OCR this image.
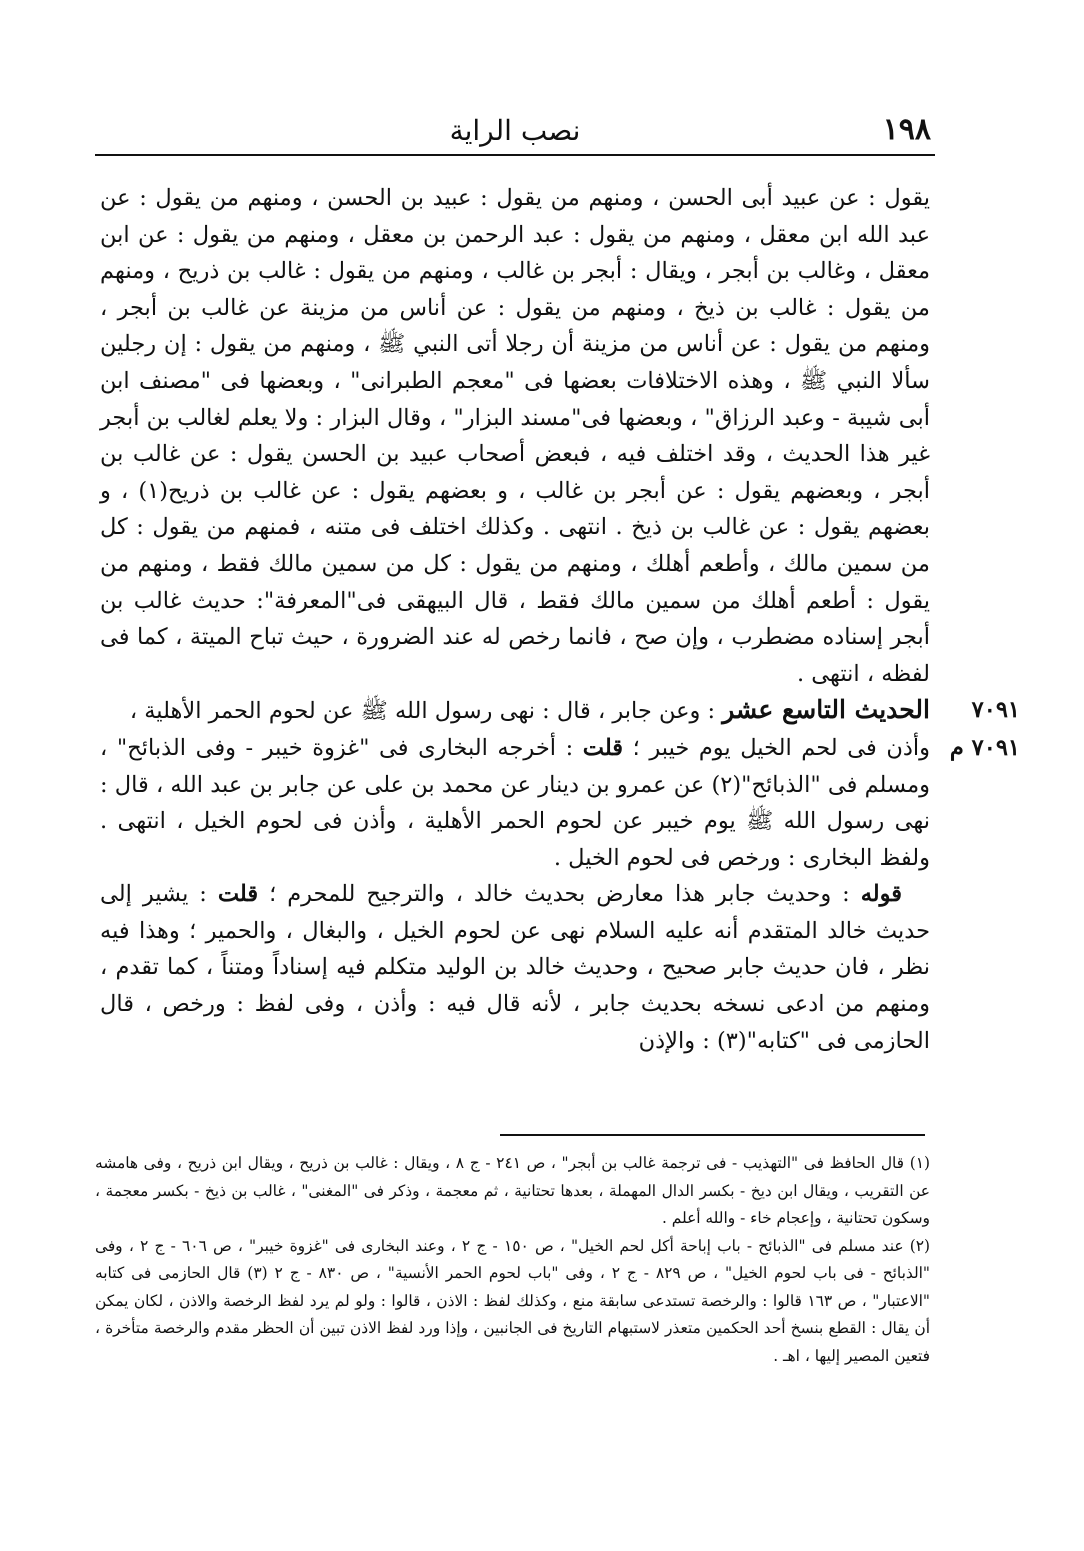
١٩٨
نصب الراية

يقول : عن عبيد أبى الحسن ، ومنهم من يقول : عبيد بن الحسن ، ومنهم من يقول : عن عبد الله ابن معقل ، ومنهم من يقول : عبد الرحمن بن معقل ، ومنهم من يقول : عن ابن معقل ، وغالب بن أبجر ، ويقال : أبجر بن غالب ، ومنهم من يقول : غالب بن ذريح ، ومنهم من يقول : غالب بن ذيخ ، ومنهم من يقول : عن أناس من مزينة عن غالب بن أبجر ، ومنهم من يقول : عن أناس من مزينة أن رجلا أتى النبي ﷺ ، ومنهم من يقول : إن رجلين سألا النبي ﷺ ، وهذه الاختلافات بعضها فى "معجم الطبرانى" ، وبعضها فى "مصنف ابن أبى شيبة - وعبد الرزاق" ، وبعضها فى"مسند البزار" ، وقال البزار : ولا يعلم لغالب بن أبجر غير هذا الحديث ، وقد اختلف فيه ، فبعض أصحاب عبيد بن الحسن يقول : عن غالب بن أبجر ، وبعضهم يقول : عن أبجر بن غالب ، و بعضهم يقول : عن غالب بن ذريح(١) ، و بعضهم يقول : عن غالب بن ذيخ . انتهى . وكذلك اختلف فى متنه ، فمنهم من يقول : كل من سمين مالك ، وأطعم أهلك ، ومنهم من يقول : كل من سمين مالك فقط ، ومنهم من يقول : أطعم أهلك من سمين مالك فقط ، قال البيهقى فى"المعرفة": حديث غالب بن أبجر إسناده مضطرب ، وإن صح ، فانما رخص له عند الضرورة ، حيث تباح الميتة ، كما فى لفظه ، انتهى .

٧٠٩١
الحديث التاسع عشر : وعن جابر ، قال : نهى رسول الله ﷺ عن لحوم الحمر الأهلية ،

٧٠٩١ م
وأذن فى لحم الخيل يوم خيبر ؛ قلت : أخرجه البخارى فى "غزوة خيبر - وفى الذبائح" ، ومسلم فى "الذبائح"(٢) عن عمرو بن دينار عن محمد بن على عن جابر بن عبد الله ، قال : نهى رسول الله ﷺ يوم خيبر عن لحوم الحمر الأهلية ، وأذن فى لحوم الخيل ، انتهى . ولفظ البخارى : ورخص فى لحوم الخيل .

قوله : وحديث جابر هذا معارض بحديث خالد ، والترجيح للمحرم ؛ قلت : يشير إلى حديث خالد المتقدم أنه عليه السلام نهى عن لحوم الخيل ، والبغال ، والحمير ؛ وهذا فيه نظر ، فان حديث جابر صحيح ، وحديث خالد بن الوليد متكلم فيه إسناداً ومتناً ، كما تقدم ، ومنهم من ادعى نسخه بحديث جابر ، لأنه قال فيه : وأذن ، وفى لفظ : ورخص ، قال الحازمى فى "كتابه"(٣) : والإذن

(١) قال الحافظ فى "التهذيب - فى ترجمة غالب بن أبجر" ، ص ٢٤١ - ج ٨ ، ويقال : غالب بن ذريح ، ويقال ابن ذريح ، وفى هامشه عن التقريب ، ويقال ابن ديخ - بكسر الدال المهملة ، بعدها تحتانية ، ثم معجمة ، وذكر فى "المغنى" ، غالب بن ذيخ - بكسر معجمة ، وسكون تحتانية ، وإعجام خاء - والله أعلم .

(٢) عند مسلم فى "الذبائح - باب إباحة أكل لحم الخيل" ، ص ١٥٠ - ج ٢ ، وعند البخارى فى "غزوة خيبر" ، ص ٦٠٦ - ج ٢ ، وفى "الذبائح - فى باب لحوم الخيل" ، ص ٨٢٩ - ج ٢ ، وفى "باب لحوم الحمر الأنسية" ، ص ٨٣٠ - ج ٢ (٣) قال الحازمى فى كتابه "الاعتبار" ، ص ١٦٣ قالوا : والرخصة تستدعى سابقة منع ، وكذلك لفظ : الاذن ، قالوا : ولو لم يرد لفظ الرخصة والاذن ، لكان يمكن أن يقال : القطع بنسخ أحد الحكمين متعذر لاستبهام التاريخ فى الجانبين ، وإذا ورد لفظ الاذن تبين أن الحظر مقدم والرخصة متأخرة ، فتعين المصير إليها ، اهـ .
